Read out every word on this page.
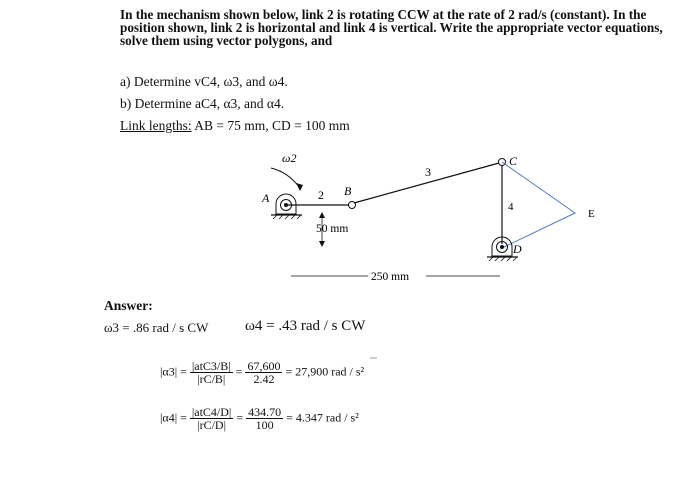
In the mechanism shown below, link 2 is rotating CCW at the rate of 2 rad/s (constant). In the
position shown, link 2 is horizontal and link 4 is vertical. Write the appropriate vector equations,
solve them using vector polygons, and
a) Determine vC4, ω3, and ω4.
b) Determine aC4, α3, and α4.
Link lengths: AB = 75 mm, CD = 100 mm
ω2
A	2 B
3
C
4
E
D
50 mm
250 mm
Answer:
ω3 = .86 rad / s CW ω4 = .43 rad / s CW
$|\alpha 3| = \frac{\text{|atC3/B|}}{|rC/B|} = \frac{67,600}{2.42} = 27,900$ rad / s²
$|\alpha 4| = \frac{\text{|atC4/D|}}{|rC/D|} = \frac{434.70}{100} = 4.347$ rad / s²
